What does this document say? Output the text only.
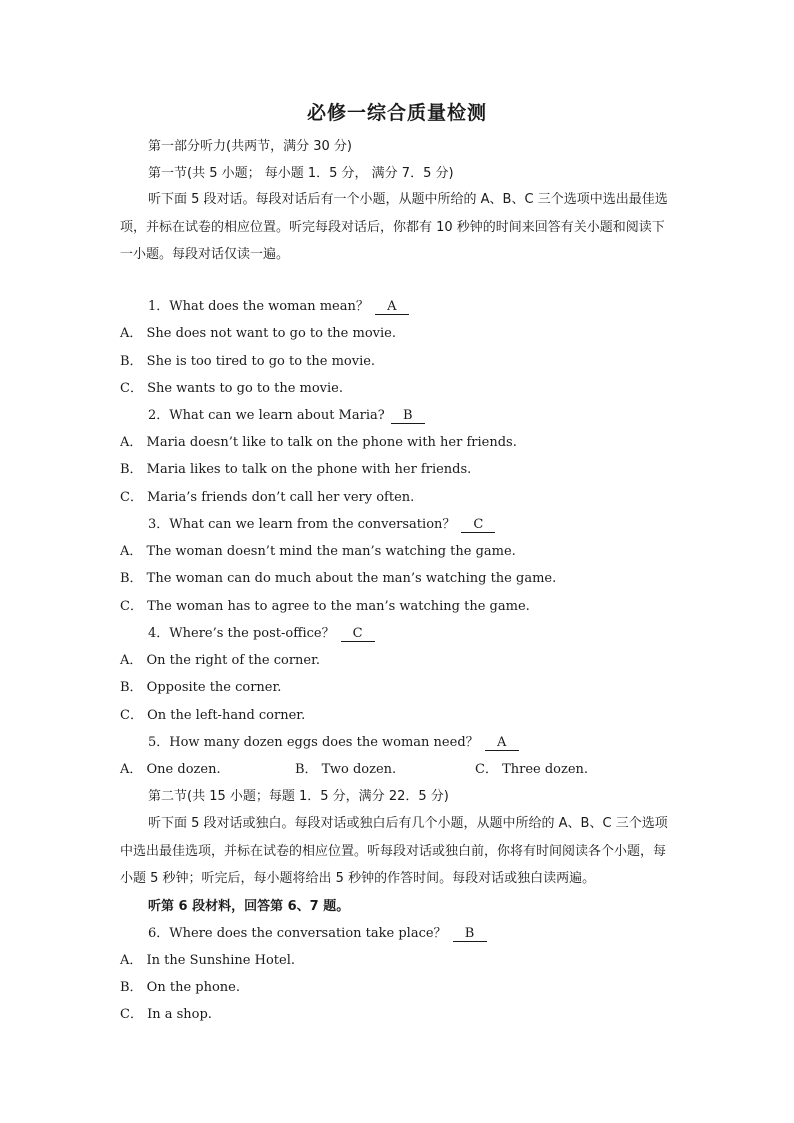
必修一综合质量检测
第一部分听力(共两节，满分 30 分)
第一节(共 5 小题； 每小题 1．5 分， 满分 7．5 分)
听下面 5 段对话。每段对话后有一个小题，从题中所给的 A、B、C 三个选项中选出最佳选项，并标在试卷的相应位置。听完每段对话后，你都有 10 秒钟的时间来回答有关小题和阅读下一小题。每段对话仅读一遍。
1．What does the woman mean？ A
A． She does not want to go to the movie.
B． She is too tired to go to the movie.
C． She wants to go to the movie.
2．What can we learn about Maria? B
A． Maria doesn’t like to talk on the phone with her friends.
B． Maria likes to talk on the phone with her friends.
C． Maria’s friends don’t call her very often.
3．What can we learn from the conversation？ C
A． The woman doesn’t mind the man’s watching the game.
B． The woman can do much about the man’s watching the game.
C． The woman has to agree to the man’s watching the game.
4．Where’s the post-office？ C
A． On the right of the corner.
B． Opposite the corner.
C． On the left-hand corner.
5．How many dozen eggs does the woman need？ A
A． One dozen.	B． Two dozen.	C． Three dozen.
第二节(共 15 小题；每题 1．5 分，满分 22．5 分)
听下面 5 段对话或独白。每段对话或独白后有几个小题，从题中所给的 A、B、C 三个选项中选出最佳选项，并标在试卷的相应位置。听每段对话或独白前，你将有时间阅读各个小题，每小题 5 秒钟；听完后，每小题将给出 5 秒钟的作答时间。每段对话或独白读两遍。
听第 6 段材料，回答第 6、7 题。
6．Where does the conversation take place？ B
A． In the Sunshine Hotel.
B． On the phone.
C． In a shop.
